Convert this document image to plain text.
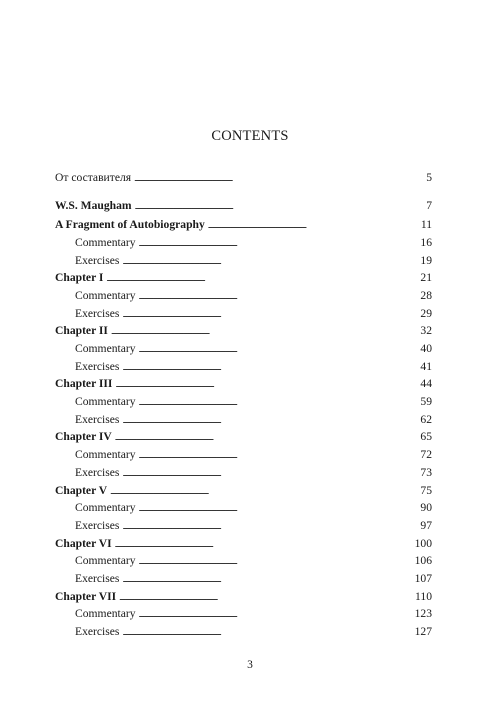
CONTENTS
От составителя . . .	5
W.S. Maugham . . .	7
A Fragment of Autobiography . . .	11
Commentary . . .	16
Exercises . . .	19
Chapter I . . .	21
Commentary . . .	28
Exercises . . .	29
Chapter II . . .	32
Commentary . . .	40
Exercises . . .	41
Chapter III . . .	44
Commentary . . .	59
Exercises . . .	62
Chapter IV . . .	65
Commentary . . .	72
Exercises . . .	73
Chapter V . . .	75
Commentary . . .	90
Exercises . . .	97
Chapter VI . . .	100
Commentary . . .	106
Exercises . . .	107
Chapter VII . . .	110
Commentary . . .	123
Exercises . . .	127
3
